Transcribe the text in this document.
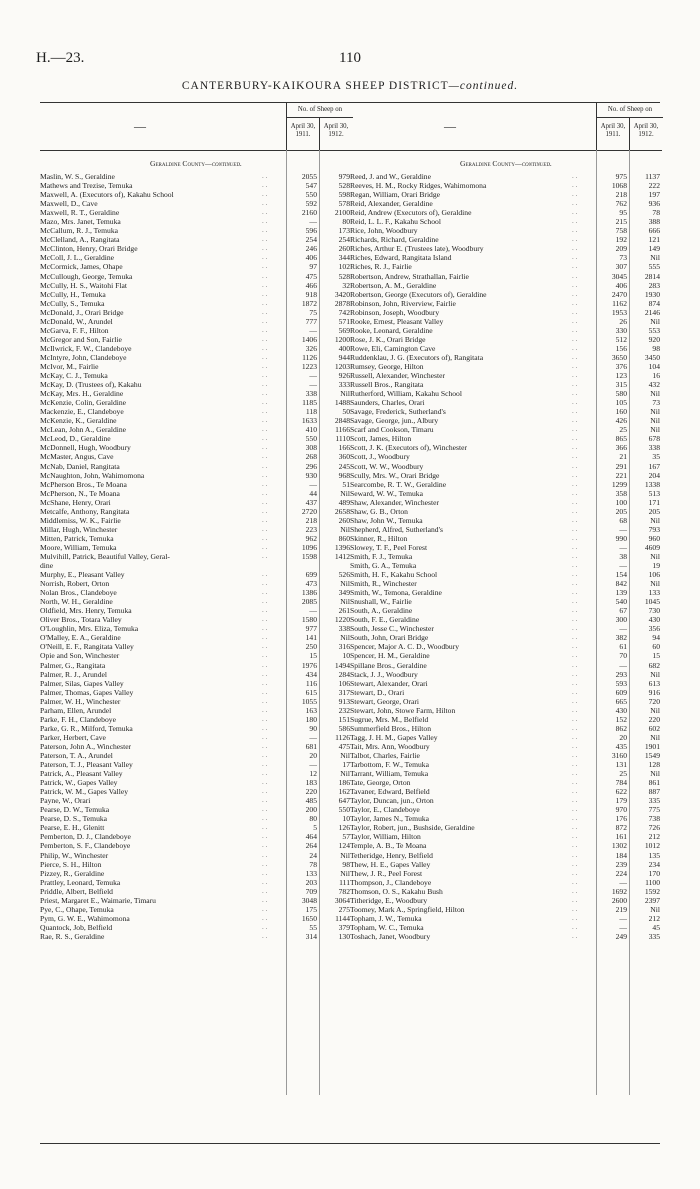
H.—23.	110
CANTERBURY-KAIKOURA SHEEP DISTRICT—continued.
—
No. of Sheep on
April 30, 1911.
April 30, 1912.
Geraldine County—continued.
Maslin, W. S., Geraldine	. .	2055	979
Mathews and Trezise, Temuka	. .	547	528
Maxwell, A. (Executors of), Kakahu School	. .	550	598
Maxwell, D., Cave	. .	592	578
Maxwell, R. T., Geraldine	. .	2160	2100
Mazo, Mrs. Janet, Temuka	. .	—	80
McCallum, R. J., Temuka	. .	596	173
McClelland, A., Rangitata	. .	254	254
McClinton, Henry, Orari Bridge	. .	246	260
McColl, J. L., Geraldine	. .	406	344
McCormick, James, Ohape	. .	97	102
McCullough, George, Temuka	. .	475	528
McCully, H. S., Waitohi Flat	. .	466	32
McCully, H., Temuka	. .	918	3420
McCully, S., Temuka	. .	1872	2878
McDonald, J., Orari Bridge	. .	75	742
McDonald, W., Arundel	. .	777	571
McGarva, F. F., Hilton	. .	—	569
McGregor and Son, Fairlie	. .	1406	1200
McIlwrick, F. W., Clandeboye	. .	326	400
McIntyre, John, Clandeboye	. .	1126	944
McIvor, M., Fairlie	. .	1223	1203
McKay, C. J., Temuka	. .	—	926
McKay, D. (Trustees of), Kakahu	. .	—	333
McKay, Mrs. H., Geraldine	. .	338	Nil
McKenzie, Colin, Geraldine	. .	1185	1488
Mackenzie, E., Clandeboye	. .	118	50
McKenzie, K., Geraldine	. .	1633	2848
McLean, John A., Geraldine	. .	410	1166
McLeod, D., Geraldine	. .	550	1110
McDonnell, Hugh, Woodbury	. .	308	166
McMaster, Angus, Cave	. .	268	360
McNab, Daniel, Rangitata	. .	296	245
McNaughton, John, Wahimomona	. .	930	968
McPherson Bros., Te Moana	. .	—	51
McPherson, N., Te Moana	. .	44	Nil
McShane, Henry, Orari	. .	437	489
Metcalfe, Anthony, Rangitata	. .	2720	2658
Middlemiss, W. K., Fairlie	. .	218	260
Millar, Hugh, Winchester	. .	223	Nil
Mitten, Patrick, Temuka	. .	962	860
Moore, William, Temuka	. .	1096	1396
Mulvihill, Patrick, Beautiful Valley, Geral-	. .	1598	1412
dine
Murphy, E., Pleasant Valley	. .	699	526
Norrish, Robert, Orton	. .	473	Nil
Nolan Bros., Clandeboye	. .	1386	349
North, W. H., Geraldine	. .	2085	Nil
Oldfield, Mrs. Henry, Temuka	. .	—	261
Oliver Bros., Totara Valley	. .	1580	1220
O'Loughlin, Mrs. Eliza, Temuka	. .	977	338
O'Malley, E. A., Geraldine	. .	141	Nil
O'Neill, E. F., Rangitata Valley	. .	250	316
Opie and Son, Winchester	. .	15	10
Palmer, G., Rangitata	. .	1976	1494
Palmer, R. J., Arundel	. .	434	284
Palmer, Silas, Gapes Valley	. .	116	106
Palmer, Thomas, Gapes Valley	. .	615	317
Palmer, W. H., Winchester	. .	1055	913
Parham, Ellen, Arundel	. .	163	232
Parke, F. H., Clandeboye	. .	180	151
Parke, G. R., Milford, Temuka	. .	90	586
Parker, Herbert, Cave	. .	—	1126
Paterson, John A., Winchester	. .	681	475
Paterson, T. A., Arundel	. .	20	Nil
Paterson, T. J., Pleasant Valley	. .	—	17
Patrick, A., Pleasant Valley	. .	12	Nil
Patrick, W., Gapes Valley	. .	183	186
Patrick, W. M., Gapes Valley	. .	220	162
Payne, W., Orari	. .	485	647
Pearse, D. W., Temuka	. .	200	550
Pearse, D. S., Temuka	. .	80	10
Pearse, E. H., Glenitt	. .	5	126
Pemberton, D. J., Clandeboye	. .	464	57
Pemberton, S. F., Clandeboye	. .	264	124
Philip, W., Winchester	. .	24	Nil
Pierce, S. H., Hilton	. .	78	98
Pizzey, R., Geraldine	. .	133	Nil
Prattley, Leonard, Temuka	. .	203	111
Priddle, Albert, Belfield	. .	709	782
Priest, Margaret E., Waimarie, Timaru	. .	3048	3064
Pye, C., Ohape, Temuka	. .	175	275
Pym, G. W. E., Wahimomona	. .	1650	1144
Quantock, Job, Belfield	. .	55	379
Rae, R. S., Geraldine	. .	314	130
—
No. of Sheep on
April 30, 1911.
April 30, 1912.
Geraldine County—continued.
Reed, J. and W., Geraldine	. .	975	1137
Reeves, H. M., Rocky Ridges, Wahimomona	. .	1068	222
Regan, William, Orari Bridge	. .	218	197
Reid, Alexander, Geraldine	. .	762	936
Reid, Andrew (Executors of), Geraldine	. .	95	78
Reid, L. L. F., Kakahu School	. .	215	388
Rice, John, Woodbury	. .	758	666
Richards, Richard, Geraldine	. .	192	121
Riches, Arthur E. (Trustees late), Woodbury	. .	209	149
Riches, Edward, Rangitata Island	. .	73	Nil
Riches, R. J., Fairlie	. .	307	555
Robertson, Andrew, Strathallan, Fairlie	. .	3045	2814
Robertson, A. M., Geraldine	. .	406	283
Robertson, George (Executors of), Geraldine	. .	2470	1930
Robinson, John, Riverview, Fairlie	. .	1162	874
Robinson, Joseph, Woodbury	. .	1953	2146
Rooke, Ernest, Pleasant Valley	. .	26	Nil
Rooke, Leonard, Geraldine	. .	330	553
Rose, J. K., Orari Bridge	. .	512	920
Rowe, Eli, Camington Cave	. .	156	98
Ruddenklau, J. G. (Executors of), Rangitata	. .	3650	3450
Rumsey, George, Hilton	. .	376	104
Russell, Alexander, Winchester	. .	123	16
Russell Bros., Rangitata	. .	315	432
Rutherford, William, Kakahu School	. .	580	Nil
Saunders, Charles, Orari	. .	105	73
Savage, Frederick, Sutherland's	. .	160	Nil
Savage, George, jun., Albury	. .	426	Nil
Scarf and Cookson, Timaru	. .	25	Nil
Scott, James, Hilton	. .	865	678
Scott, J. K. (Executors of), Winchester	. .	366	338
Scott, J., Woodbury	. .	21	35
Scott, W. W., Woodbury	. .	291	167
Scully, Mrs. W., Orari Bridge	. .	221	204
Searcombe, R. T. W., Geraldine	. .	1299	1338
Seward, W. W., Temuka	. .	358	513
Shaw, Alexander, Winchester	. .	100	171
Shaw, G. B., Orton	. .	205	205
Shaw, John W., Temuka	. .	68	Nil
Shepherd, Alfred, Sutherland's	. .	—	793
Skinner, R., Hilton	. .	990	960
Slowey, T. F., Peel Forest	. .	—	4609
Smith, F. J., Temuka	. .	38	Nil
Smith, G. A., Temuka	. .	—	19
Smith, H. F., Kakahu School	. .	154	106
Smith, R., Winchester	. .	842	Nil
Smith, W., Temona, Geraldine	. .	139	133
Snushall, W., Fairlie	. .	540	1045
South, A., Geraldine	. .	67	730
South, F. E., Geraldine	. .	300	430
South, Jesse C., Winchester	. .	—	356
South, John, Orari Bridge	. .	382	94
Spencer, Major A. C. D., Woodbury	. .	61	60
Spencer, H. M., Geraldine	. .	70	15
Spillane Bros., Geraldine	. .	—	682
Stack, J. J., Woodbury	. .	293	Nil
Stewart, Alexander, Orari	. .	593	613
Stewart, D., Orari	. .	609	916
Stewart, George, Orari	. .	665	720
Stewart, John, Stowe Farm, Hilton	. .	430	Nil
Sugrue, Mrs. M., Belfield	. .	152	220
Summerfield Bros., Hilton	. .	862	602
Tagg, J. H. M., Gapes Valley	. .	20	Nil
Tait, Mrs. Ann, Woodbury	. .	435	1901
Talbot, Charles, Fairlie	. .	3160	1549
Tarbottom, F. W., Temuka	. .	131	128
Tarrant, William, Temuka	. .	25	Nil
Tate, George, Orton	. .	784	861
Tavaner, Edward, Belfield	. .	622	887
Taylor, Duncan, jun., Orton	. .	179	335
Taylor, E., Clandeboye	. .	970	775
Taylor, James N., Temuka	. .	176	738
Taylor, Robert, jun., Bushside, Geraldine	. .	872	726
Taylor, William, Hilton	. .	161	212
Temple, A. B., Te Moana	. .	1302	1012
Tetheridge, Henry, Belfield	. .	184	135
Thew, H. E., Gapes Valley	. .	239	234
Thew, J. R., Peel Forest	. .	224	170
Thompson, J., Clandeboye	. .	—	1100
Thomson, O. S., Kakahu Bush	. .	1692	1592
Titheridge, E., Woodbury	. .	2600	2397
Toomey, Mark A., Springfield, Hilton	. .	219	Nil
Topham, J. W., Temuka	. .	—	212
Topham, W. C., Temuka	. .	—	45
Toshach, Janet, Woodbury	. .	249	335
